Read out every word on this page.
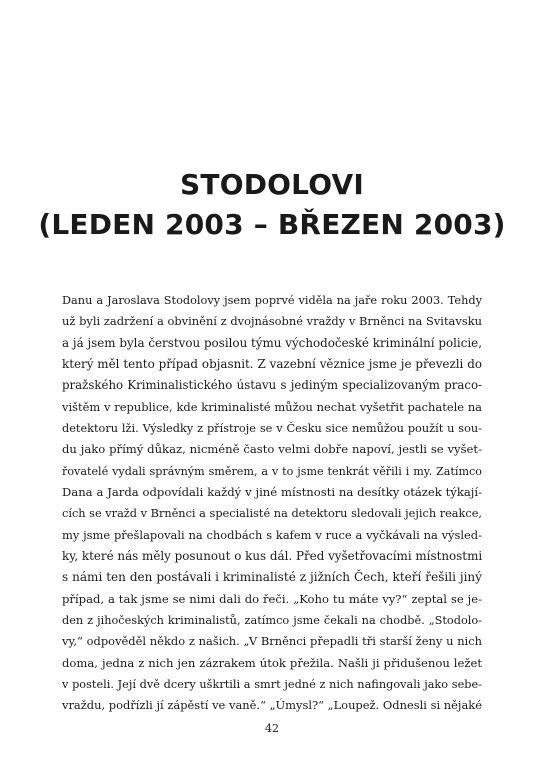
STODOLOVI
(LEDEN 2003 – BŘEZEN 2003)
Danu a Jaroslava Stodolovy jsem poprvé viděla na jaře roku 2003. Tehdy
už byli zadržení a obvinění z dvojnásobné vraždy v Brněnci na Svitavsku
a já jsem byla čerstvou posilou týmu východočeské kriminální policie,
který měl tento případ objasnit. Z vazební věznice jsme je převezli do
pražského Kriminalistického ústavu s jediným specializovaným praco-
vištěm v republice, kde kriminalisté můžou nechat vyšetřit pachatele na
detektoru lži. Výsledky z přístroje se v Česku sice nemůžou použít u sou-
du jako přímý důkaz, nicméně často velmi dobře napoví, jestli se vyšet-
řovatelé vydali správným směrem, a v to jsme tenkrát věřili i my. Zatímco
Dana a Jarda odpovídali každý v jiné místnosti na desítky otázek týkají-
cích se vražd v Brněnci a specialisté na detektoru sledovali jejich reakce,
my jsme přešlapovali na chodbách s kafem v ruce a vyčkávali na výsled-
ky, které nás měly posunout o kus dál. Před vyšetřovacími místnostmi
s námi ten den postávali i kriminalisté z jižních Čech, kteří řešili jiný
případ, a tak jsme se nimi dali do řeči. „Koho tu máte vy?“ zeptal se je-
den z jihočeských kriminalistů, zatímco jsme čekali na chodbě. „Stodolo-
vy,“ odpověděl někdo z našich. „V Brněnci přepadli tři starší ženy u nich
doma, jedna z nich jen zázrakem útok přežila. Našli ji přidušenou ležet
v posteli. Její dvě dcery uškrtili a smrt jedné z nich nafingovali jako sebe-
vraždu, podřízli jí zápěstí ve vaně.“ „Úmysl?“ „Loupež. Odnesli si nějaké
42
